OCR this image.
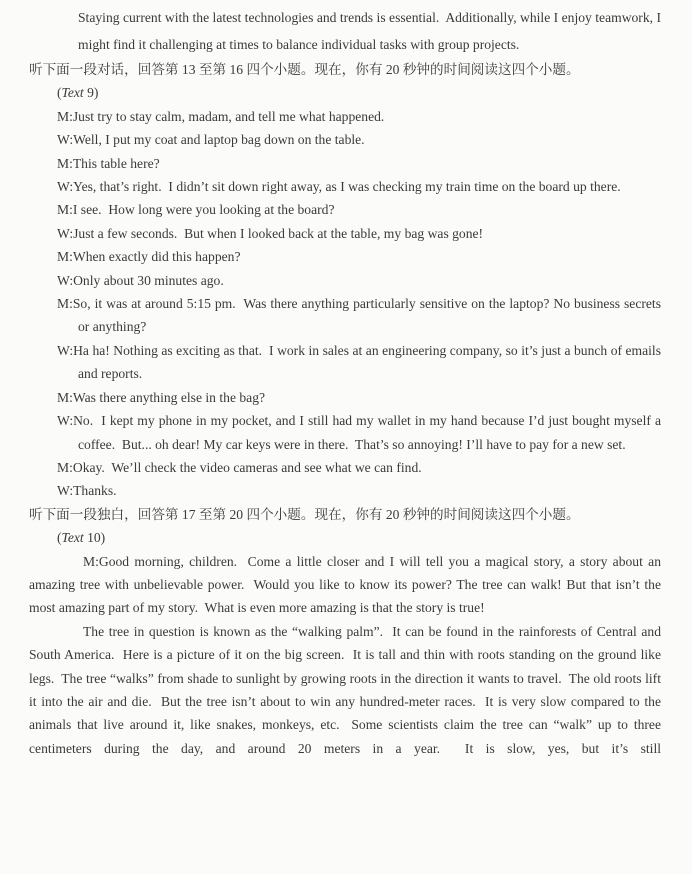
Staying current with the latest technologies and trends is essential.  Additionally, while I enjoy teamwork, I might find it challenging at times to balance individual tasks with group projects.
听下面一段对话，回答第 13 至第 16 四个小题。现在，你有 20 秒钟的时间阅读这四个小题。
(Text 9)
M:Just try to stay calm, madam, and tell me what happened.
W:Well, I put my coat and laptop bag down on the table.
M:This table here?
W:Yes, that’s right.  I didn’t sit down right away, as I was checking my train time on the board up there.
M:I see.  How long were you looking at the board?
W:Just a few seconds.  But when I looked back at the table, my bag was gone!
M:When exactly did this happen?
W:Only about 30 minutes ago.
M:So, it was at around 5:15 pm.  Was there anything particularly sensitive on the laptop? No business secrets or anything?
W:Ha ha! Nothing as exciting as that.  I work in sales at an engineering company, so it’s just a bunch of emails and reports.
M:Was there anything else in the bag?
W:No.  I kept my phone in my pocket, and I still had my wallet in my hand because I’d just bought myself a coffee.  But... oh dear! My car keys were in there.  That’s so annoying! I’ll have to pay for a new set.
M:Okay.  We’ll check the video cameras and see what we can find.
W:Thanks.
听下面一段独白，回答第 17 至第 20 四个小题。现在，你有 20 秒钟的时间阅读这四个小题。
(Text 10)
M:Good morning, children.  Come a little closer and I will tell you a magical story, a story about an amazing tree with unbelievable power.  Would you like to know its power? The tree can walk! But that isn’t the most amazing part of my story.  What is even more amazing is that the story is true!
The tree in question is known as the “walking palm”.  It can be found in the rainforests of Central and South America.  Here is a picture of it on the big screen.  It is tall and thin with roots standing on the ground like legs.  The tree “walks” from shade to sunlight by growing roots in the direction it wants to travel.  The old roots lift it into the air and die.  But the tree isn’t about to win any hundred-meter races.  It is very slow compared to the animals that live around it, like snakes, monkeys, etc.  Some scientists claim the tree can “walk” up to three centimeters during the day, and around 20 meters in a year.  It is slow, yes, but it’s still
